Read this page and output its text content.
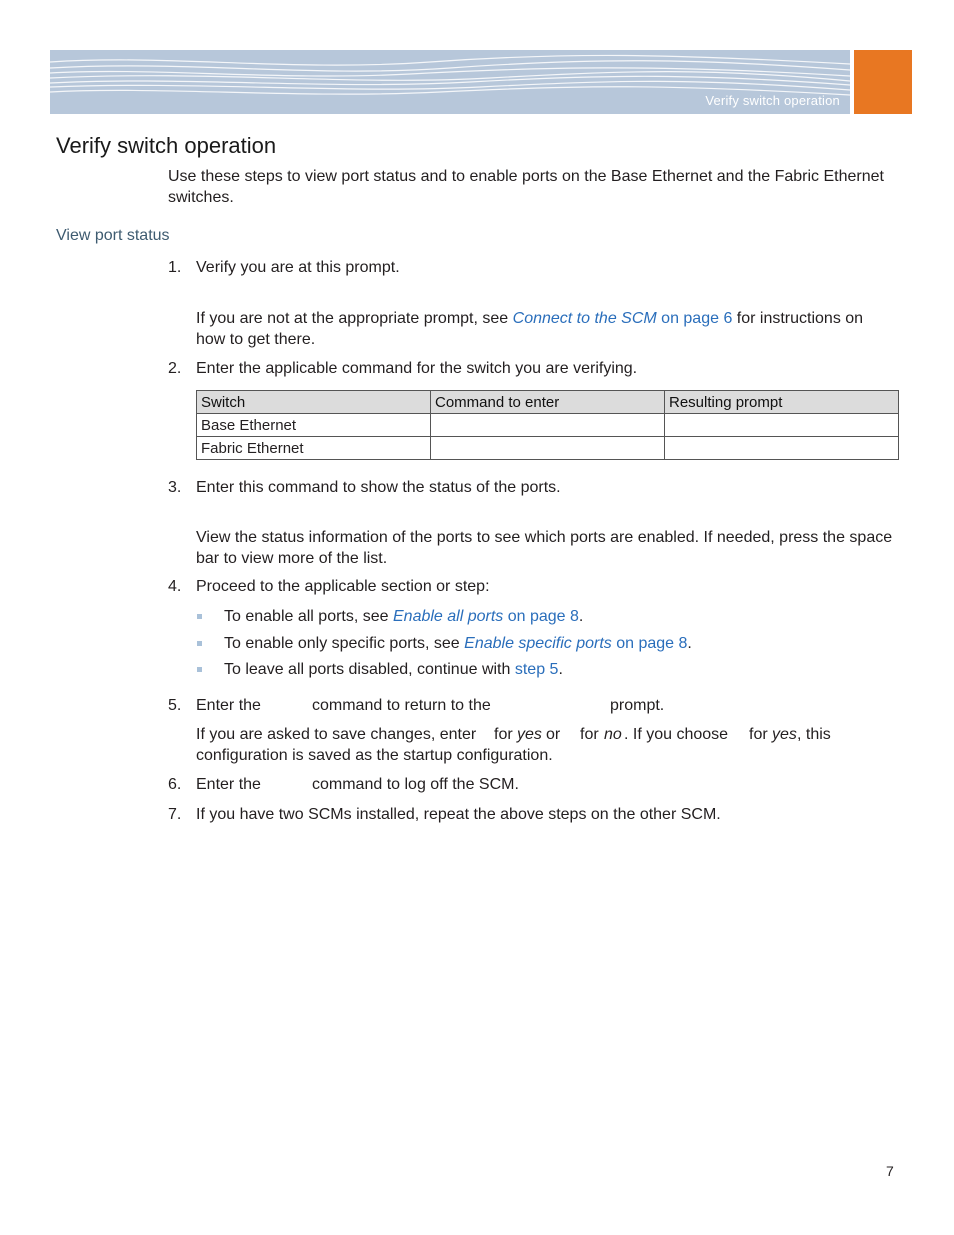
Verify switch operation
Verify switch operation

Use these steps to view port status and to enable ports on the Base Ethernet and the Fabric Ethernet switches.

View port status
1. Verify you are at this prompt.

If you are not at the appropriate prompt, see Connect to the SCM on page 6 for instructions on how to get there.

2. Enter the applicable command for the switch you are verifying.

Switch	Command to enter	Resulting prompt
Base Ethernet		
Fabric Ethernet		
3. Enter this command to show the status of the ports.

View the status information of the ports to see which ports are enabled. If needed, press the space bar to view more of the list.

4. Proceed to the applicable section or step:

To enable all ports, see Enable all ports on page 8.
To enable only specific ports, see Enable specific ports on page 8.
To leave all ports disabled, continue with step 5.
5. Enter the	command to return to the	prompt.
If you are asked to save changes, enter for yes or for no . If you choose for yes , this
configuration is saved as the startup configuration.
6. Enter the	command to log off the SCM.
7. If you have two SCMs installed, repeat the above steps on the other SCM.

7
